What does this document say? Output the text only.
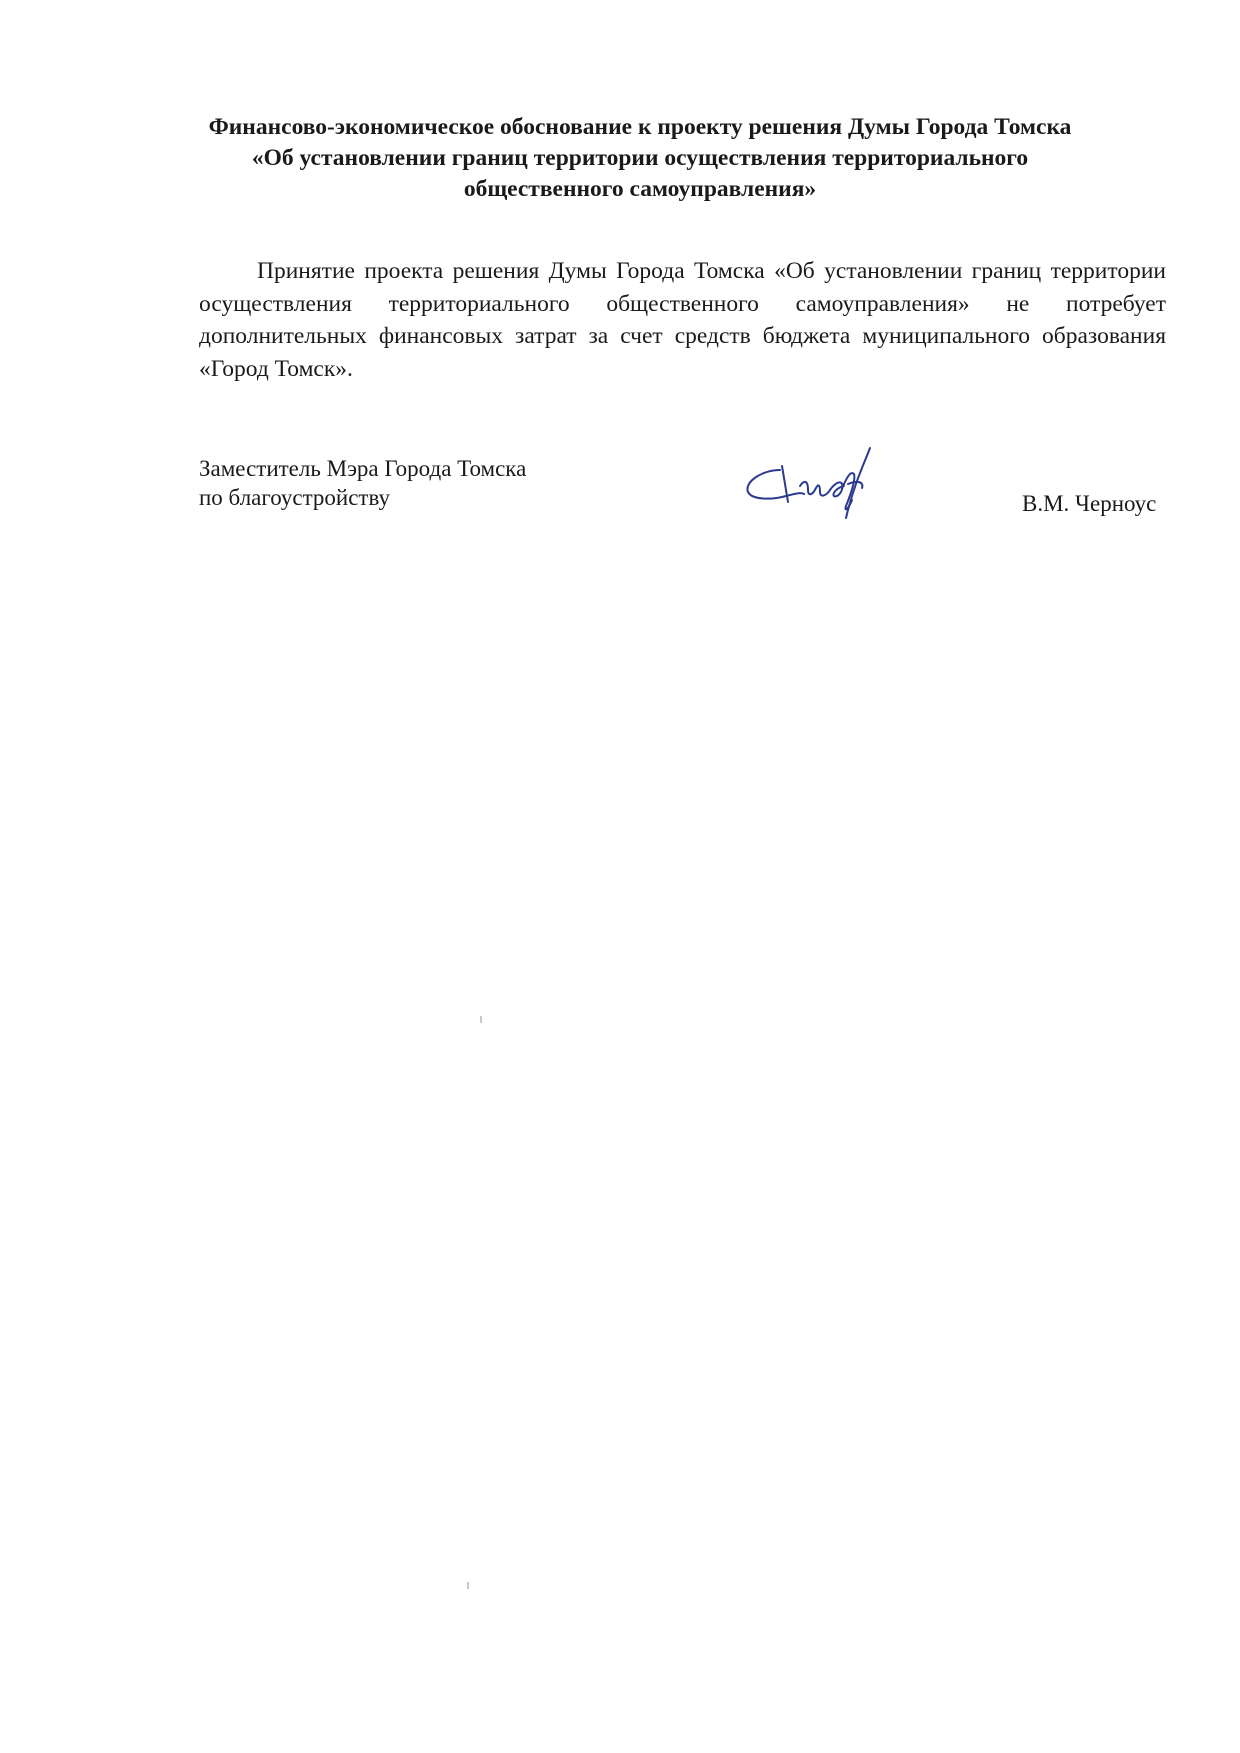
Финансово-экономическое обоснование к проекту решения Думы Города Томска
«Об установлении границ территории осуществления территориального
общественного самоуправления»
Принятие проекта решения Думы Города Томска «Об установлении границ территории осуществления территориального общественного самоуправления» не потребует дополнительных финансовых затрат за счет средств бюджета муниципального образования «Город Томск».
Заместитель Мэра Города Томска
по благоустройству	В.М. Черноус
